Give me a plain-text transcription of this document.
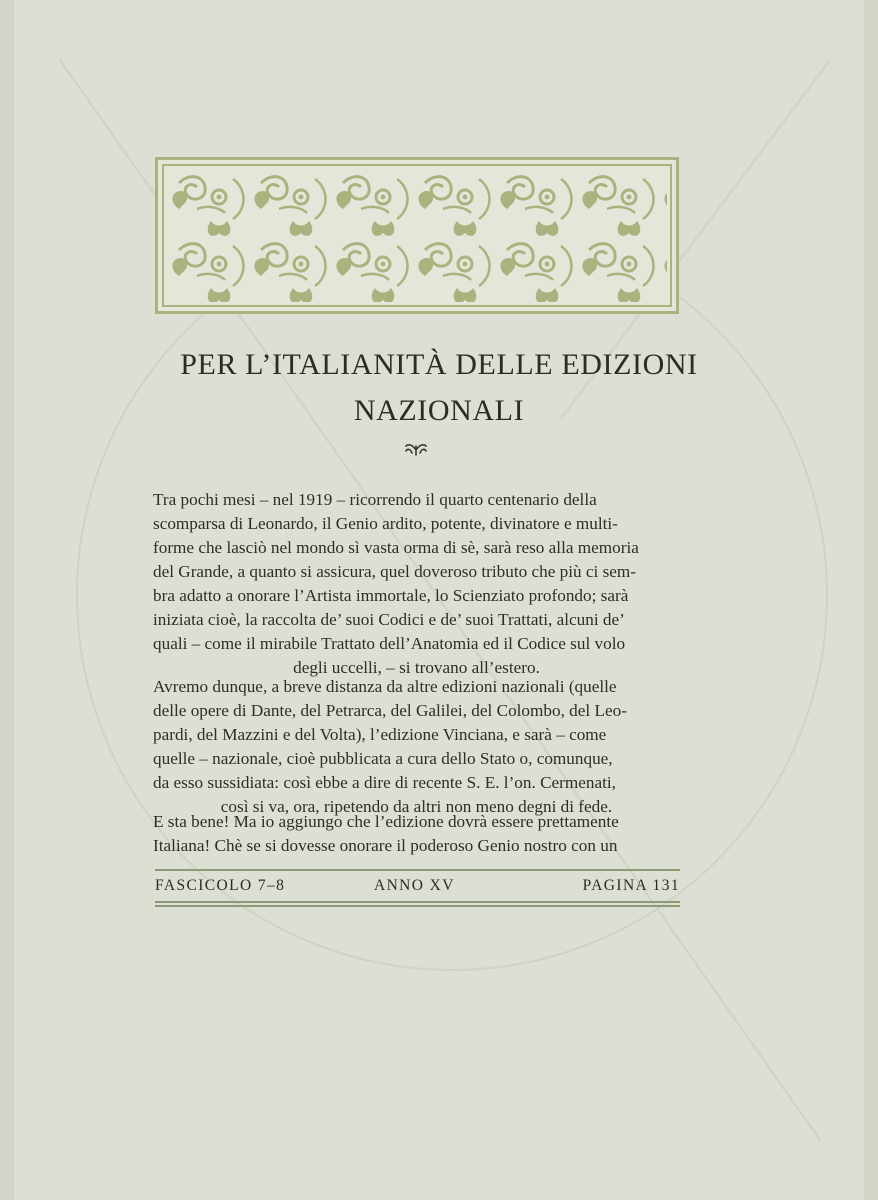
PER L’ITALIANITÀ DELLE EDIZIONI
NAZIONALI

Tra pochi mesi – nel 1919 – ricorrendo il quarto centenario della

scomparsa di Leonardo, il Genio ardito, potente, divinatore e multi-

forme che lasciò nel mondo sì vasta orma di sè, sarà reso alla memoria

del Grande, a quanto si assicura, quel doveroso tributo che più ci sem-

bra adatto a onorare l’Artista immortale, lo Scienziato profondo; sarà

iniziata cioè, la raccolta de’ suoi Codici e de’ suoi Trattati, alcuni de’

quali – come il mirabile Trattato dell’Anatomia ed il Codice sul volo

degli uccelli, – si trovano all’estero.

Avremo dunque, a breve distanza da altre edizioni nazionali (quelle

delle opere di Dante, del Petrarca, del Galilei, del Colombo, del Leo-

pardi, del Mazzini e del Volta), l’edizione Vinciana, e sarà – come

quelle – nazionale, cioè pubblicata a cura dello Stato o, comunque,

da esso sussidiata: così ebbe a dire di recente S. E. l’on. Cermenati,

così si va, ora, ripetendo da altri non meno degni di fede.

E sta bene! Ma io aggiungo che l’edizione dovrà essere prettamente

Italiana! Chè se si dovesse onorare il poderoso Genio nostro con un

FASCICOLO 7–8	ANNO XV	PAGINA 131
